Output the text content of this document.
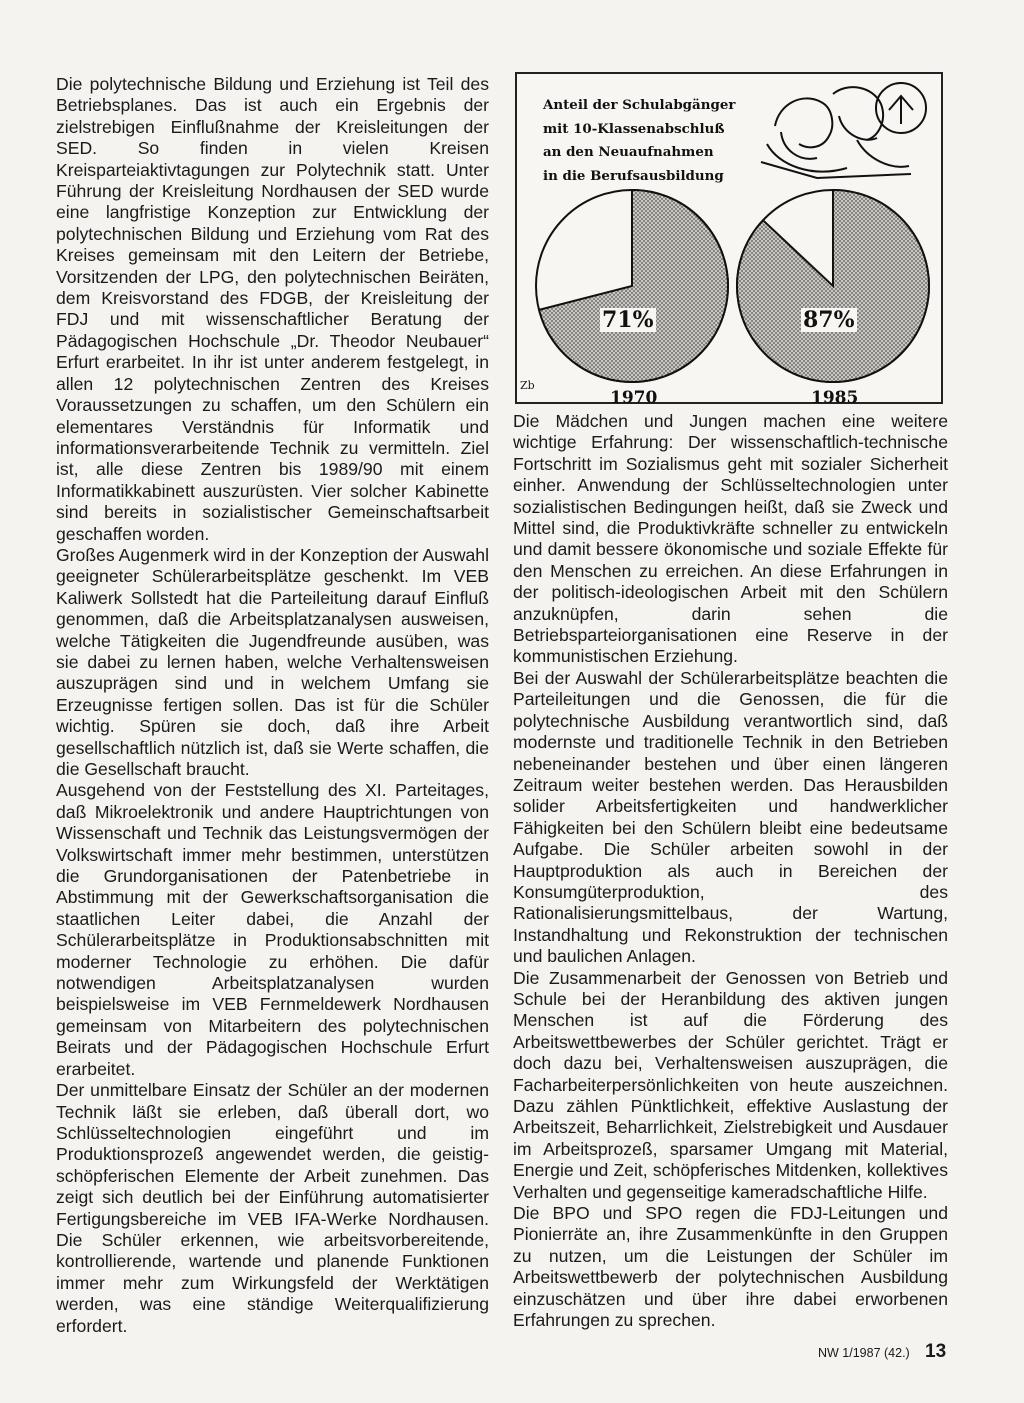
Die polytechnische Bildung und Erziehung ist Teil des Betriebsplanes. Das ist auch ein Ergebnis der zielstrebigen Einflußnahme der Kreisleitungen der SED. So finden in vielen Kreisen Kreisparteiaktivtagungen zur Polytechnik statt. Unter Führung der Kreisleitung Nordhausen der SED wurde eine langfristige Konzeption zur Entwicklung der polytechnischen Bildung und Erziehung vom Rat des Kreises gemeinsam mit den Leitern der Betriebe, Vorsitzenden der LPG, den polytechnischen Beiräten, dem Kreisvorstand des FDGB, der Kreisleitung der FDJ und mit wissenschaftlicher Beratung der Pädagogischen Hochschule „Dr. Theodor Neubauer“ Erfurt erarbeitet. In ihr ist unter anderem festgelegt, in allen 12 polytechnischen Zentren des Kreises Voraussetzungen zu schaffen, um den Schülern ein elementares Verständnis für Informatik und informationsverarbeitende Technik zu vermitteln. Ziel ist, alle diese Zentren bis 1989/90 mit einem Informatikkabinett auszurüsten. Vier solcher Kabinette sind bereits in sozialistischer Gemeinschaftsarbeit geschaffen worden.

Großes Augenmerk wird in der Konzeption der Auswahl geeigneter Schülerarbeitsplätze geschenkt. Im VEB Kaliwerk Sollstedt hat die Parteileitung darauf Einfluß genommen, daß die Arbeitsplatzanalysen ausweisen, welche Tätigkeiten die Jugendfreunde ausüben, was sie dabei zu lernen haben, welche Verhaltensweisen auszuprägen sind und in welchem Umfang sie Erzeugnisse fertigen sollen. Das ist für die Schüler wichtig. Spüren sie doch, daß ihre Arbeit gesellschaftlich nützlich ist, daß sie Werte schaffen, die die Gesellschaft braucht.

Ausgehend von der Feststellung des XI. Parteitages, daß Mikroelektronik und andere Hauptrichtungen von Wissenschaft und Technik das Leistungsvermögen der Volkswirtschaft immer mehr bestimmen, unterstützen die Grundorganisationen der Patenbetriebe in Abstimmung mit der Gewerkschaftsorganisation die staatlichen Leiter dabei, die Anzahl der Schülerarbeitsplätze in Produktionsabschnitten mit moderner Technologie zu erhöhen. Die dafür notwendigen Arbeitsplatzanalysen wurden beispielsweise im VEB Fernmeldewerk Nordhausen gemeinsam von Mitarbeitern des polytechnischen Beirats und der Pädagogischen Hochschule Erfurt erarbeitet.

Der unmittelbare Einsatz der Schüler an der modernen Technik läßt sie erleben, daß überall dort, wo Schlüsseltechnologien eingeführt und im Produktionsprozeß angewendet werden, die geistig-schöpferischen Elemente der Arbeit zunehmen. Das zeigt sich deutlich bei der Einführung automatisierter Fertigungsbereiche im VEB IFA-Werke Nordhausen. Die Schüler erkennen, wie arbeitsvorbereitende, kontrollierende, wartende und planende Funktionen immer mehr zum Wirkungsfeld der Werktätigen werden, was eine ständige Weiterqualifizierung erfordert.

Anteil der Schulabgänger
mit 10-Klassenabschluß
an den Neuaufnahmen
in die Berufsausbildung
71%	87%
1970	1985
Zb

Die Mädchen und Jungen machen eine weitere wichtige Erfahrung: Der wissenschaftlich-technische Fortschritt im Sozialismus geht mit sozialer Sicherheit einher. Anwendung der Schlüsseltechnologien unter sozialistischen Bedingungen heißt, daß sie Zweck und Mittel sind, die Produktivkräfte schneller zu entwickeln und damit bessere ökonomische und soziale Effekte für den Menschen zu erreichen. An diese Erfahrungen in der politisch-ideologischen Arbeit mit den Schülern anzuknüpfen, darin sehen die Betriebsparteiorganisationen eine Reserve in der kommunistischen Erziehung.

Bei der Auswahl der Schülerarbeitsplätze beachten die Parteileitungen und die Genossen, die für die polytechnische Ausbildung verantwortlich sind, daß modernste und traditionelle Technik in den Betrieben nebeneinander bestehen und über einen längeren Zeitraum weiter bestehen werden. Das Herausbilden solider Arbeitsfertigkeiten und handwerklicher Fähigkeiten bei den Schülern bleibt eine bedeutsame Aufgabe. Die Schüler arbeiten sowohl in der Hauptproduktion als auch in Bereichen der Konsumgüterproduktion, des Rationalisierungsmittelbaus, der Wartung, Instandhaltung und Rekonstruktion der technischen und baulichen Anlagen.

Die Zusammenarbeit der Genossen von Betrieb und Schule bei der Heranbildung des aktiven jungen Menschen ist auf die Förderung des Arbeitswettbewerbes der Schüler gerichtet. Trägt er doch dazu bei, Verhaltensweisen auszuprägen, die Facharbeiterpersönlichkeiten von heute auszeichnen. Dazu zählen Pünktlichkeit, effektive Auslastung der Arbeitszeit, Beharrlichkeit, Zielstrebigkeit und Ausdauer im Arbeitsprozeß, sparsamer Umgang mit Material, Energie und Zeit, schöpferisches Mitdenken, kollektives Verhalten und gegenseitige kameradschaftliche Hilfe.

Die BPO und SPO regen die FDJ-Leitungen und Pionierräte an, ihre Zusammenkünfte in den Gruppen zu nutzen, um die Leistungen der Schüler im Arbeitswettbewerb der polytechnischen Ausbildung einzuschätzen und über ihre dabei erworbenen Erfahrungen zu sprechen.

NW 1/1987 (42.) 13
